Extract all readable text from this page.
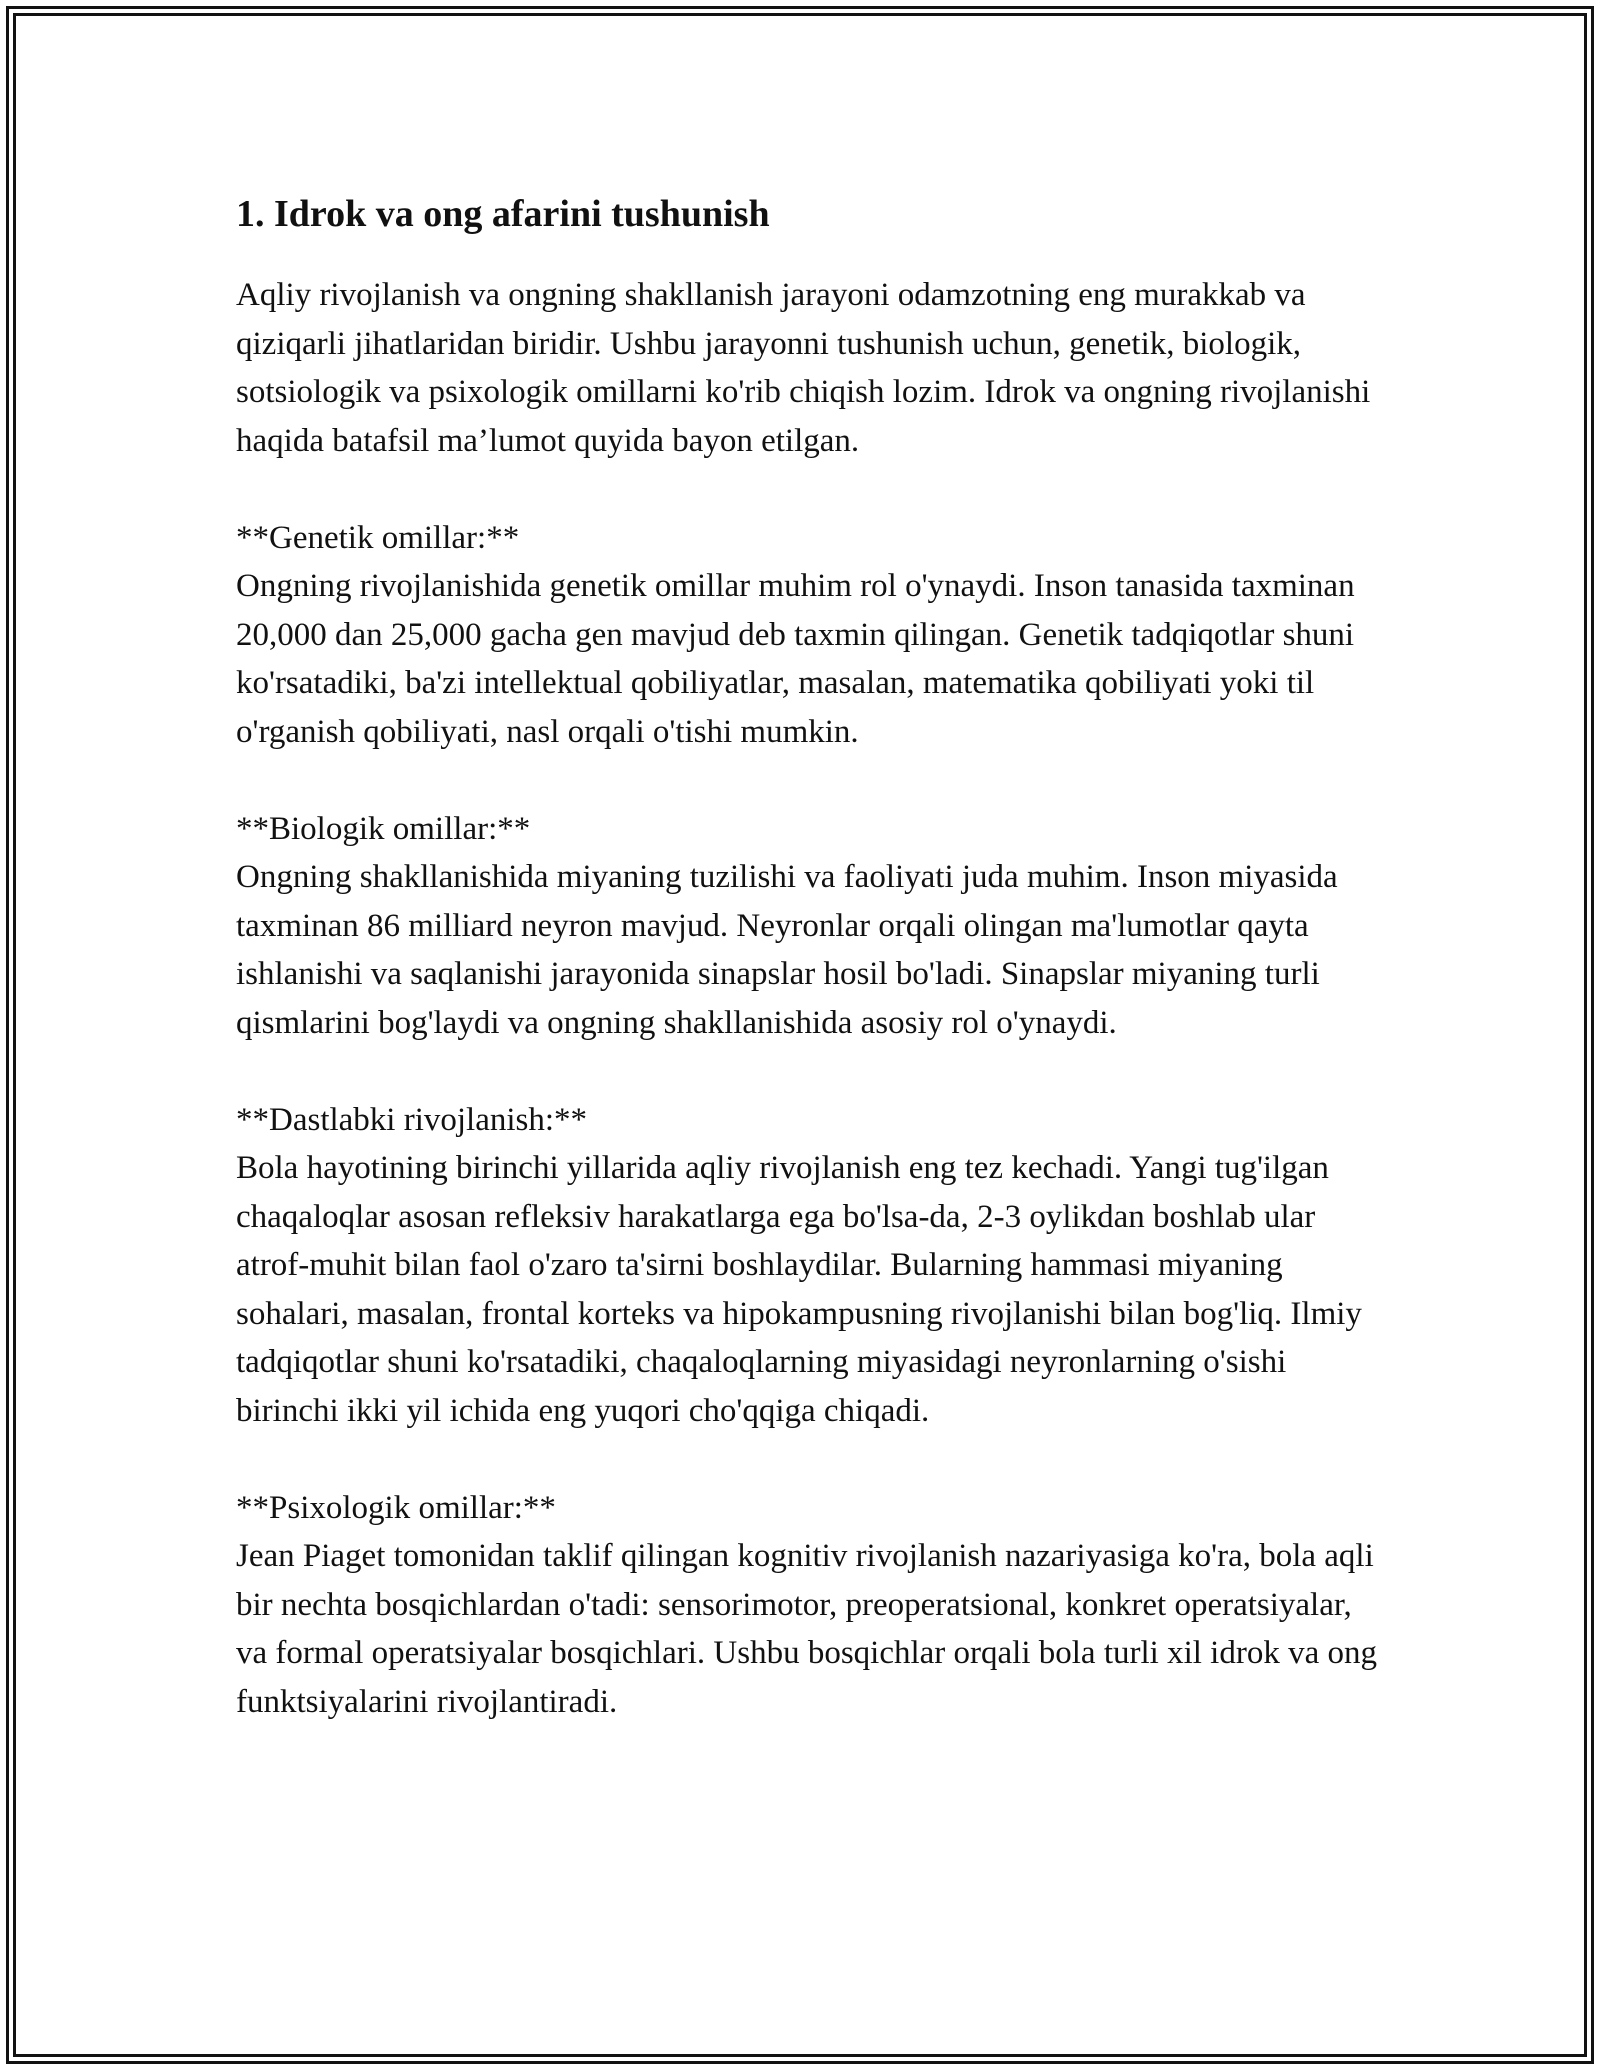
1. Idrok va ong afarini tushunish

Aqliy rivojlanish va ongning shakllanish jarayoni odamzotning eng murakkab va qiziqarli jihatlaridan biridir. Ushbu jarayonni tushunish uchun, genetik, biologik, sotsiologik va psixologik omillarni ko'rib chiqish lozim. Idrok va ongning rivojlanishi haqida batafsil ma’lumot quyida bayon etilgan.

**Genetik omillar:**

Ongning rivojlanishida genetik omillar muhim rol o'ynaydi. Inson tanasida taxminan 20,000 dan 25,000 gacha gen mavjud deb taxmin qilingan. Genetik tadqiqotlar shuni ko'rsatadiki, ba'zi intellektual qobiliyatlar, masalan, matematika qobiliyati yoki til o'rganish qobiliyati, nasl orqali o'tishi mumkin.

**Biologik omillar:**

Ongning shakllanishida miyaning tuzilishi va faoliyati juda muhim. Inson miyasida taxminan 86 milliard neyron mavjud. Neyronlar orqali olingan ma'lumotlar qayta ishlanishi va saqlanishi jarayonida sinapslar hosil bo'ladi. Sinapslar miyaning turli qismlarini bog'laydi va ongning shakllanishida asosiy rol o'ynaydi.

**Dastlabki rivojlanish:**

Bola hayotining birinchi yillarida aqliy rivojlanish eng tez kechadi. Yangi tug'ilgan chaqaloqlar asosan refleksiv harakatlarga ega bo'lsa-da, 2-3 oylikdan boshlab ular atrof-muhit bilan faol o'zaro ta'sirni boshlaydilar. Bularning hammasi miyaning sohalari, masalan, frontal korteks va hipokampusning rivojlanishi bilan bog'liq. Ilmiy tadqiqotlar shuni ko'rsatadiki, chaqaloqlarning miyasidagi neyronlarning o'sishi birinchi ikki yil ichida eng yuqori cho'qqiga chiqadi.

**Psixologik omillar:**

Jean Piaget tomonidan taklif qilingan kognitiv rivojlanish nazariyasiga ko'ra, bola aqli bir nechta bosqichlardan o'tadi: sensorimotor, preoperatsional, konkret operatsiyalar, va formal operatsiyalar bosqichlari. Ushbu bosqichlar orqali bola turli xil idrok va ong funktsiyalarini rivojlantiradi.
